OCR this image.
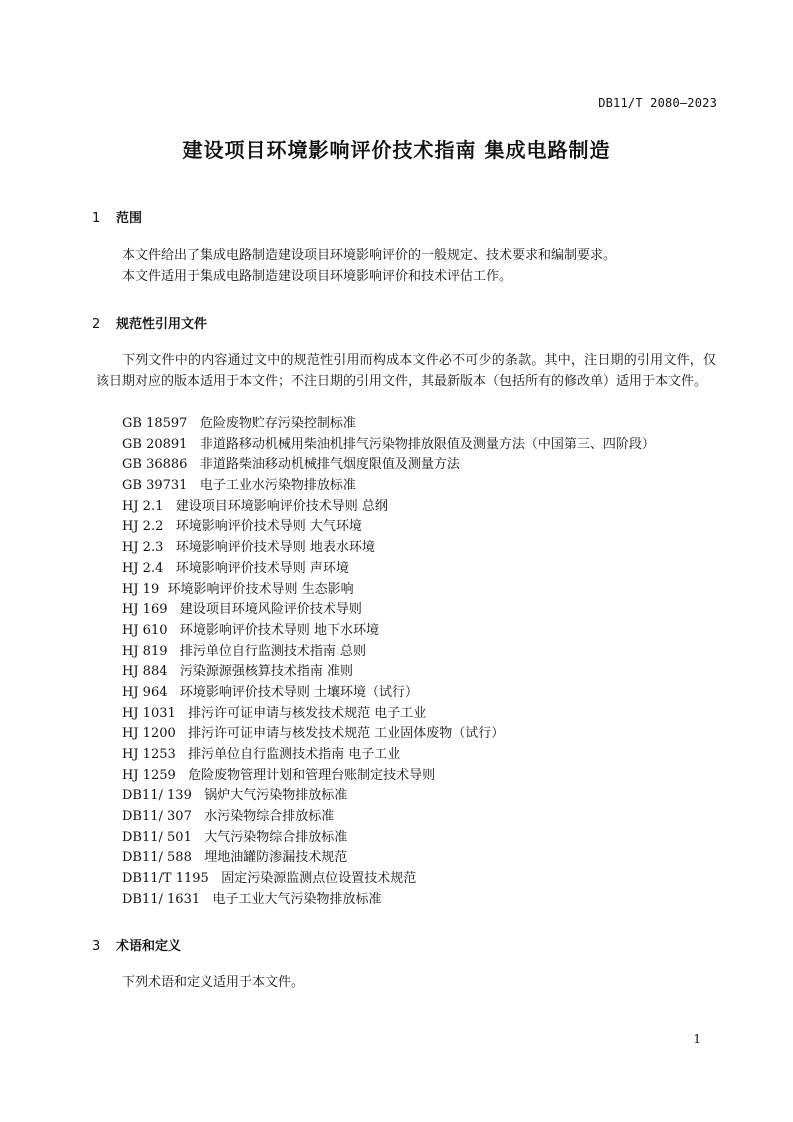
DB11/T 2080—2023
建设项目环境影响评价技术指南 集成电路制造
1 范围

本文件给出了集成电路制造建设项目环境影响评价的一般规定、技术要求和编制要求。

本文件适用于集成电路制造建设项目环境影响评价和技术评估工作。

2 规范性引用文件

下列文件中的内容通过文中的规范性引用而构成本文件必不可少的条款。其中，注日期的引用文件，仅该日期对应的版本适用于本文件；不注日期的引用文件，其最新版本（包括所有的修改单）适用于本文件。

GB 18597 危险废物贮存污染控制标准
GB 20891 非道路移动机械用柴油机排气污染物排放限值及测量方法（中国第三、四阶段）
GB 36886 非道路柴油移动机械排气烟度限值及测量方法
GB 39731 电子工业水污染物排放标准
HJ 2.1 建设项目环境影响评价技术导则 总纲
HJ 2.2 环境影响评价技术导则 大气环境
HJ 2.3 环境影响评价技术导则 地表水环境
HJ 2.4 环境影响评价技术导则 声环境
HJ 19 环境影响评价技术导则 生态影响
HJ 169 建设项目环境风险评价技术导则
HJ 610 环境影响评价技术导则 地下水环境
HJ 819 排污单位自行监测技术指南 总则
HJ 884 污染源源强核算技术指南 准则
HJ 964 环境影响评价技术导则 土壤环境（试行）
HJ 1031 排污许可证申请与核发技术规范 电子工业
HJ 1200 排污许可证申请与核发技术规范 工业固体废物（试行）
HJ 1253 排污单位自行监测技术指南 电子工业
HJ 1259 危险废物管理计划和管理台账制定技术导则
DB11/ 139 锅炉大气污染物排放标准
DB11/ 307 水污染物综合排放标准
DB11/ 501 大气污染物综合排放标准
DB11/ 588 埋地油罐防渗漏技术规范
DB11/T 1195 固定污染源监测点位设置技术规范
DB11/ 1631 电子工业大气污染物排放标准
3 术语和定义

下列术语和定义适用于本文件。

1
